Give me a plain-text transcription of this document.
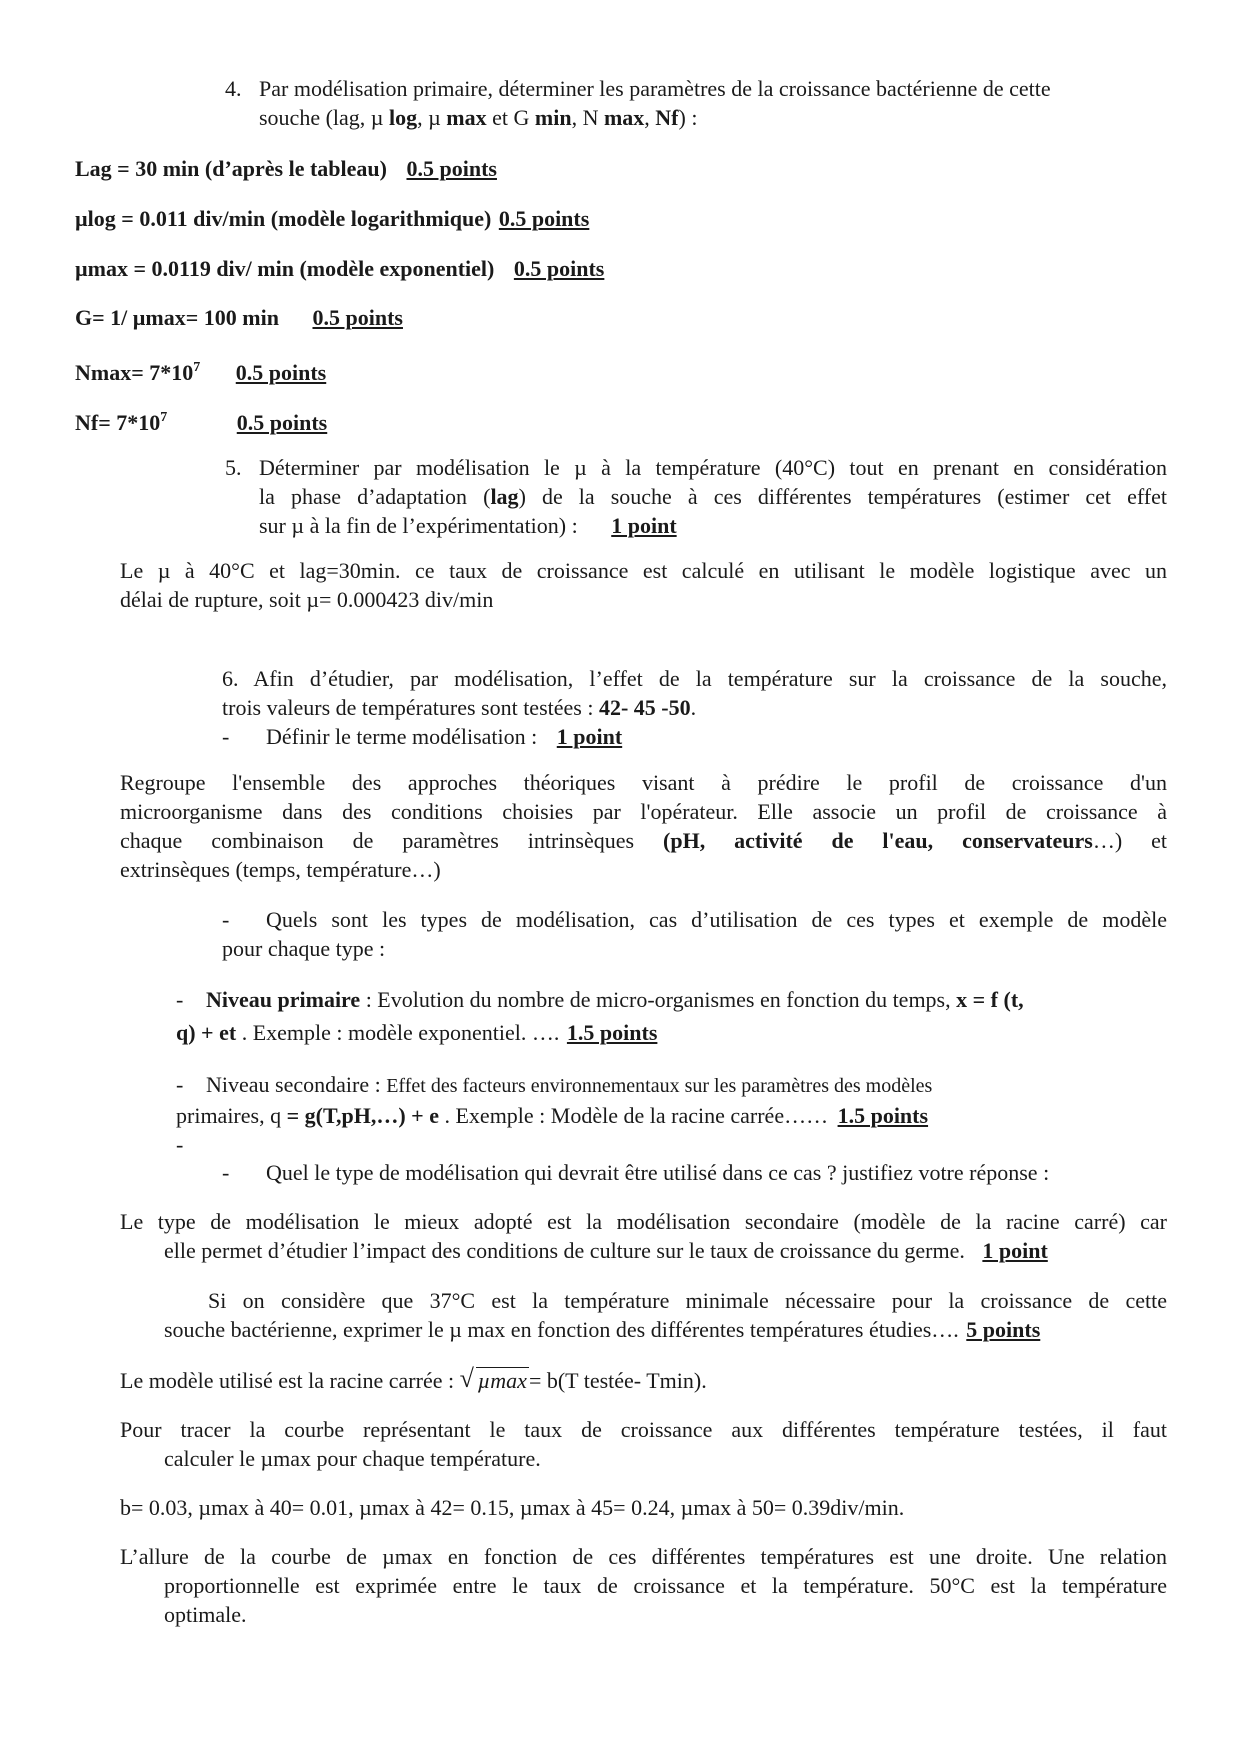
4. Par modélisation primaire, déterminer les paramètres de la croissance bactérienne de cette
souche (lag, µ log, µ max et G min, N max, Nf) :
Lag = 30 min (d’après le tableau) 0.5 points
µlog = 0.011 div/min (modèle logarithmique) 0.5 points
µmax = 0.0119 div/ min (modèle exponentiel) 0.5 points
G= 1/ µmax= 100 min 0.5 points
$Nmax= 7*10^7$ 0.5 points
$Nf= 7*10^7$	0.5 points
5. Déterminer par modélisation le µ à la température (40°C) tout en prenant en considération
la phase d’adaptation (lag) de la souche à ces différentes températures (estimer cet effet
sur µ à la fin de l’expérimentation) : 1 point
Le µ à 40°C et lag=30min. ce taux de croissance est calculé en utilisant le modèle logistique avec un
délai de rupture, soit µ= 0.000423 div/min
6. Afin d’étudier, par modélisation, l’effet de la température sur la croissance de la souche,
trois valeurs de températures sont testées : 42- 45 -50.
- Définir le terme modélisation : 1 point
Regroupe l'ensemble des approches théoriques visant à prédire le profil de croissance d'un
microorganisme dans des conditions choisies par l'opérateur. Elle associe un profil de croissance à
chaque combinaison de paramètres intrinsèques (pH, activité de l'eau, conservateurs…) et
extrinsèques (temps, température…)
- Quels sont les types de modélisation, cas d’utilisation de ces types et exemple de modèle
pour chaque type :
- Niveau primaire : Evolution du nombre de micro-organismes en fonction du temps, x = f (t,
q) + et . Exemple : modèle exponentiel. …. 1.5 points
- Niveau secondaire : Effet des facteurs environnementaux sur les paramètres des modèles
primaires, q = g(T,pH,…) + e . Exemple : Modèle de la racine carrée…… 1.5 points
-
- Quel le type de modélisation qui devrait être utilisé dans ce cas ? justifiez votre réponse :
Le type de modélisation le mieux adopté est la modélisation secondaire (modèle de la racine carré) car
elle permet d’étudier l’impact des conditions de culture sur le taux de croissance du germe. 1 point
Si on considère que 37°C est la température minimale nécessaire pour la croissance de cette
souche bactérienne, exprimer le µ max en fonction des différentes températures étudies…. 5 points
Le modèle utilisé est la racine carrée : √ µmax= b(T testée- Tmin).
Pour tracer la courbe représentant le taux de croissance aux différentes température testées, il faut
calculer le µmax pour chaque température.
b= 0.03, µmax à 40= 0.01, µmax à 42= 0.15, µmax à 45= 0.24, µmax à 50= 0.39div/min.
L’allure de la courbe de µmax en fonction de ces différentes températures est une droite. Une relation
proportionnelle est exprimée entre le taux de croissance et la température. 50°C est la température
optimale.
